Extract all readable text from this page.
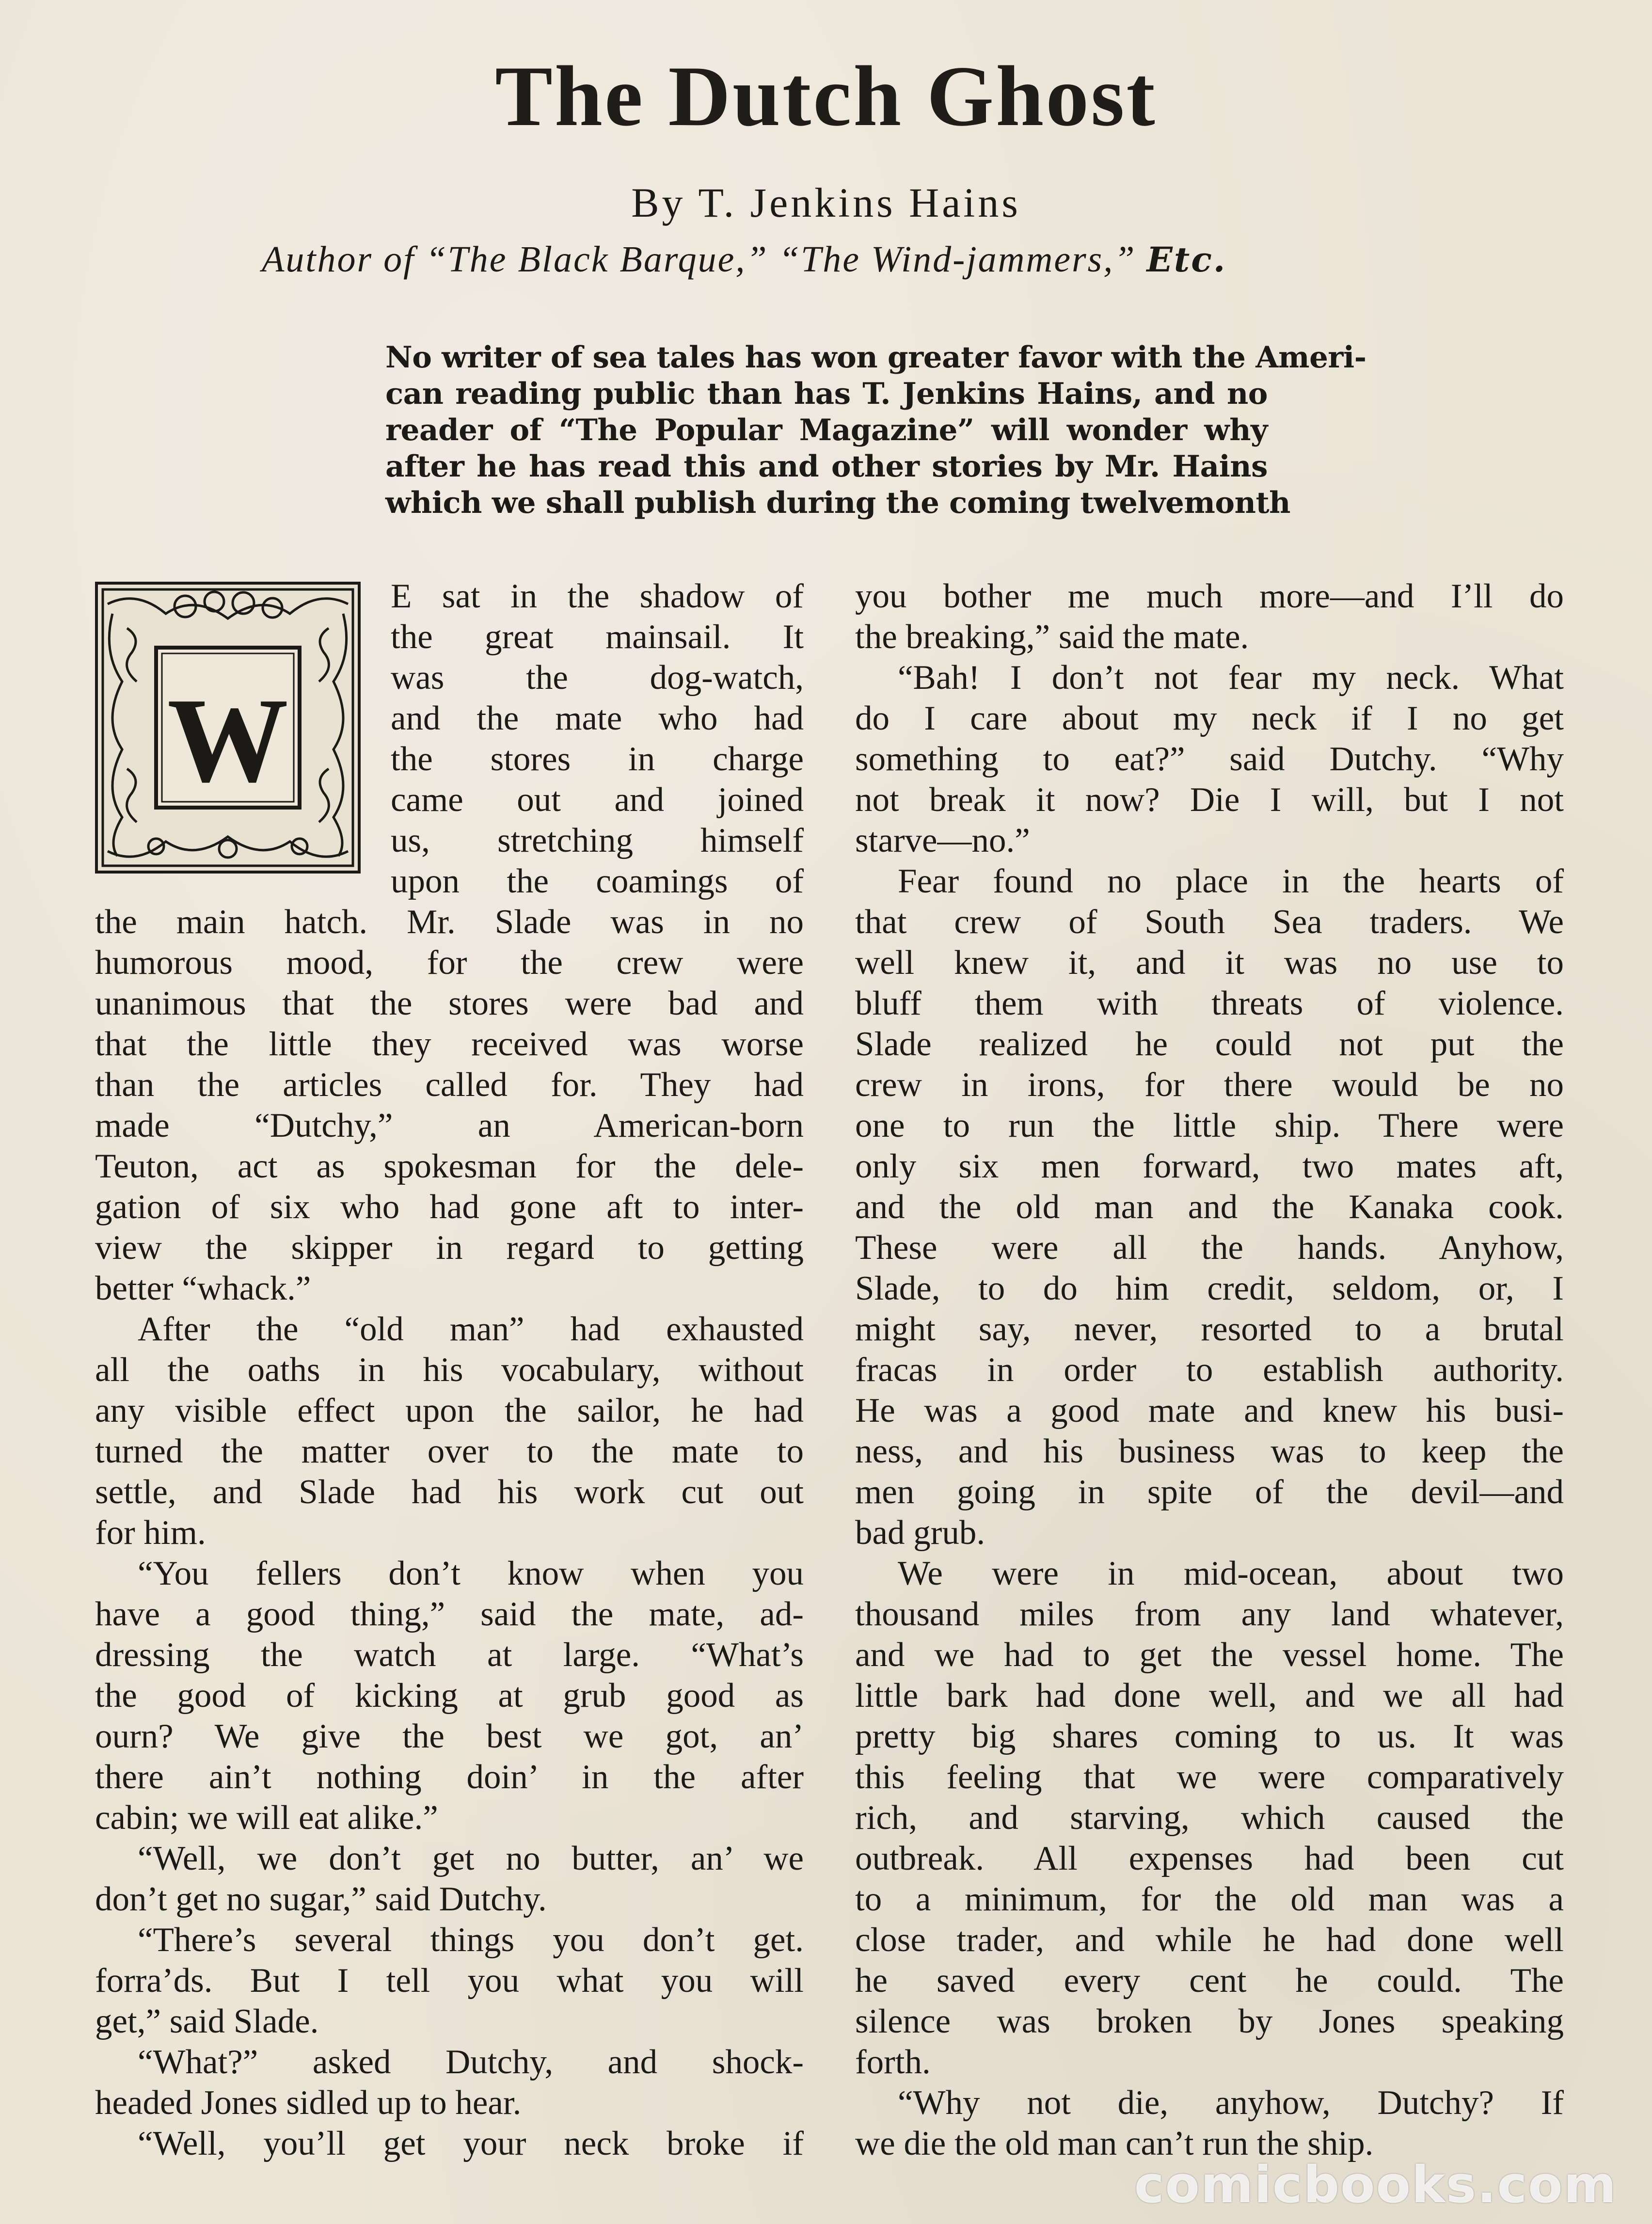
The Dutch Ghost
By T. Jenkins Hains
Author of “The Black Barque,” “The Wind-jammers,” Etc.
No writer of sea tales has won greater favor with the Ameri-
can reading public than has T. Jenkins Hains, and no
reader of “The Popular Magazine” will wonder why
after he has read this and other stories by Mr. Hains
which we shall publish during the coming twelvemonth
W
E sat in the shadow of
the great mainsail. It
was the dog-watch,
and the mate who had
the stores in charge
came out and joined
us, stretching himself
upon the coamings of
the main hatch. Mr. Slade was in no
humorous mood, for the crew were
unanimous that the stores were bad and
that the little they received was worse
than the articles called for. They had
made “Dutchy,” an American-born
Teuton, act as spokesman for the dele-
gation of six who had gone aft to inter-
view the skipper in regard to getting
better “whack.”
After the “old man” had exhausted
all the oaths in his vocabulary, without
any visible effect upon the sailor, he had
turned the matter over to the mate to
settle, and Slade had his work cut out
for him.
“You fellers don’t know when you
have a good thing,” said the mate, ad-
dressing the watch at large. “What’s
the good of kicking at grub good as
ourn? We give the best we got, an’
there ain’t nothing doin’ in the after
cabin; we will eat alike.”
“Well, we don’t get no butter, an’ we
don’t get no sugar,” said Dutchy.
“There’s several things you don’t get.
forra’ds. But I tell you what you will
get,” said Slade.
“What?” asked Dutchy, and shock-
headed Jones sidled up to hear.
“Well, you’ll get your neck broke if
you bother me much more—and I’ll do
the breaking,” said the mate.
“Bah! I don’t not fear my neck. What
do I care about my neck if I no get
something to eat?” said Dutchy. “Why
not break it now? Die I will, but I not
starve—no.”
Fear found no place in the hearts of
that crew of South Sea traders. We
well knew it, and it was no use to
bluff them with threats of violence.
Slade realized he could not put the
crew in irons, for there would be no
one to run the little ship. There were
only six men forward, two mates aft,
and the old man and the Kanaka cook.
These were all the hands. Anyhow,
Slade, to do him credit, seldom, or, I
might say, never, resorted to a brutal
fracas in order to establish authority.
He was a good mate and knew his busi-
ness, and his business was to keep the
men going in spite of the devil—and
bad grub.
We were in mid-ocean, about two
thousand miles from any land whatever,
and we had to get the vessel home. The
little bark had done well, and we all had
pretty big shares coming to us. It was
this feeling that we were comparatively
rich, and starving, which caused the
outbreak. All expenses had been cut
to a minimum, for the old man was a
close trader, and while he had done well
he saved every cent he could. The
silence was broken by Jones speaking
forth.
“Why not die, anyhow, Dutchy? If
we die the old man can’t run the ship.
comicbooks.com
